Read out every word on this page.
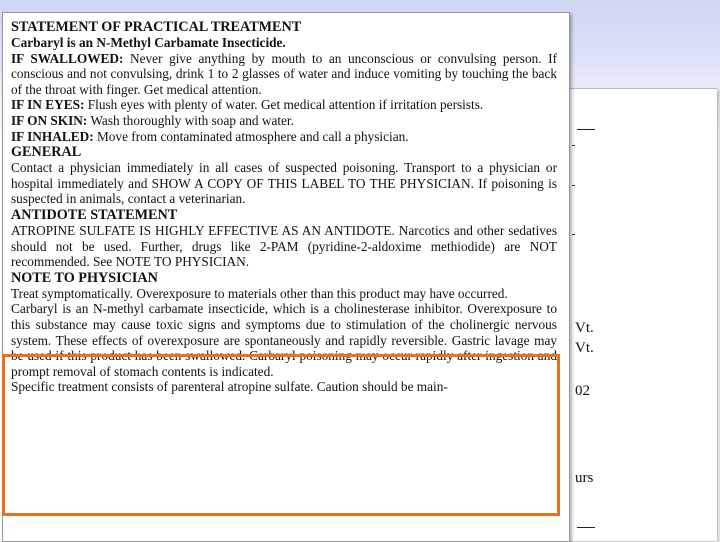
Vt.
Vt.
02
urs

STATEMENT OF PRACTICAL TREATMENT

Carbaryl is an N-Methyl Carbamate Insecticide.

IF SWALLOWED: Never give anything by mouth to an unconscious or convulsing person. If conscious and not convulsing, drink 1 to 2 glasses of water and induce vomiting by touching the back of the throat with finger. Get medical attention.

IF IN EYES: Flush eyes with plenty of water. Get medical attention if irritation persists.

IF ON SKIN: Wash thoroughly with soap and water.

IF INHALED: Move from contaminated atmosphere and call a physician.

GENERAL

Contact a physician immediately in all cases of suspected poisoning. Transport to a physician or hospital immediately and SHOW A COPY OF THIS LABEL TO THE PHYSICIAN. If poisoning is suspected in animals, contact a veterinarian.

ANTIDOTE STATEMENT

ATROPINE SULFATE IS HIGHLY EFFECTIVE AS AN ANTIDOTE. Narcotics and other sedatives should not be used. Further, drugs like 2-PAM (pyridine-2-aldoxime methiodide) are NOT recommended. See NOTE TO PHYSICIAN.

NOTE TO PHYSICIAN

Treat symptomatically. Overexposure to materials other than this product may have occurred.

Carbaryl is an N-methyl carbamate insecticide, which is a cholinesterase inhibitor. Overexposure to this substance may cause toxic signs and symptoms due to stimulation of the cholinergic nervous system. These effects of overexposure are spontaneously and rapidly reversible. Gastric lavage may be used if this product has been swallowed. Carbaryl poisoning may occur rapidly after ingestion and prompt removal of stomach contents is indicated.

Specific treatment consists of parenteral atropine sulfate. Caution should be main-
